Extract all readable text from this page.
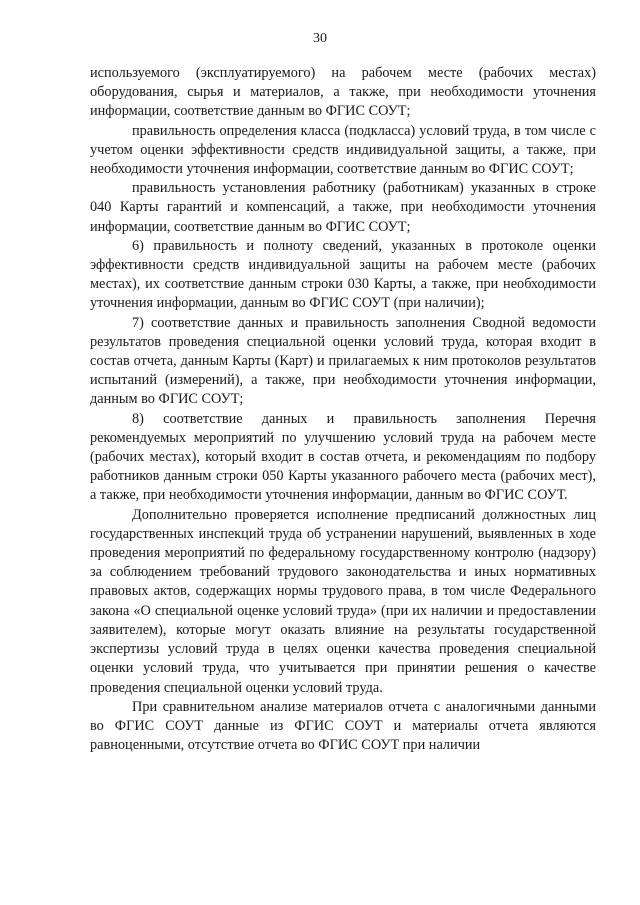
30

используемого (эксплуатируемого) на рабочем месте (рабочих местах) оборудования, сырья и материалов, а также, при необходимости уточнения информации, соответствие данным во ФГИС СОУТ;

правильность определения класса (подкласса) условий труда, в том числе с учетом оценки эффективности средств индивидуальной защиты, а также, при необходимости уточнения информации, соответствие данным во ФГИС СОУТ;

правильность установления работнику (работникам) указанных в строке 040 Карты гарантий и компенсаций, а также, при необходимости уточнения информации, соответствие данным во ФГИС СОУТ;

6) правильность и полноту сведений, указанных в протоколе оценки эффективности средств индивидуальной защиты на рабочем месте (рабочих местах), их соответствие данным строки 030 Карты, а также, при необходимости уточнения информации, данным во ФГИС СОУТ (при наличии);

7) соответствие данных и правильность заполнения Сводной ведомости результатов проведения специальной оценки условий труда, которая входит в состав отчета, данным Карты (Карт) и прилагаемых к ним протоколов результатов испытаний (измерений), а также, при необходимости уточнения информации, данным во ФГИС СОУТ;

8) соответствие данных и правильность заполнения Перечня рекомендуемых мероприятий по улучшению условий труда на рабочем месте (рабочих местах), который входит в состав отчета, и рекомендациям по подбору работников данным строки 050 Карты указанного рабочего места (рабочих мест), а также, при необходимости уточнения информации, данным во ФГИС СОУТ.

Дополнительно проверяется исполнение предписаний должностных лиц государственных инспекций труда об устранении нарушений, выявленных в ходе проведения мероприятий по федеральному государственному контролю (надзору) за соблюдением требований трудового законодательства и иных нормативных правовых актов, содержащих нормы трудового права, в том числе Федерального закона «О специальной оценке условий труда» (при их наличии и предоставлении заявителем), которые могут оказать влияние на результаты государственной экспертизы условий труда в целях оценки качества проведения специальной оценки условий труда, что учитывается при принятии решения о качестве проведения специальной оценки условий труда.

При сравнительном анализе материалов отчета с аналогичными данными во ФГИС СОУТ данные из ФГИС СОУТ и материалы отчета являются равноценными, отсутствие отчета во ФГИС СОУТ при наличии
